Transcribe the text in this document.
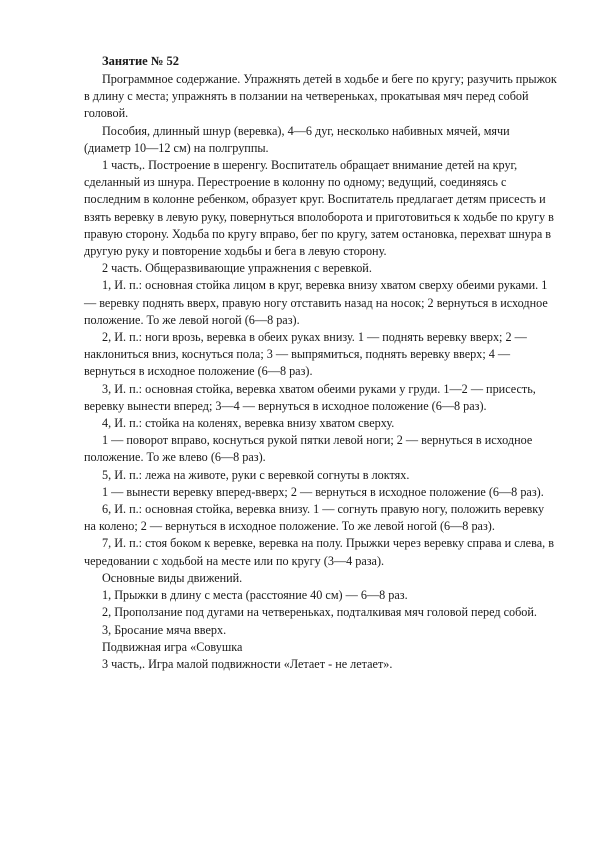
Занятие № 52

Программное содержание. Упражнять детей в ходьбе и беге по кругу; разучить прыжок в длину с места; упражнять в ползании на четвереньках, прокатывая мяч перед собой головой.

Пособия, длинный шнур (веревка), 4—6 дуг, несколько набивных мячей, мячи (диаметр 10—12 см) на полгруппы.

1 часть,. Построение в шеренгу. Воспитатель обращает внимание детей на круг, сделанный из шнура. Перестроение в колонну по одному; ведущий, соединяясь с последним в колонне ребенком, образует круг. Воспитатель предлагает детям присесть и взять веревку в левую руку, повернуться вполоборота и приготовиться к ходьбе по кругу в правую сторону. Ходьба по кругу вправо, бег по кругу, затем остановка, перехват шнура в другую руку и повторение ходьбы и бега в левую сторону.

2 часть. Общеразвивающие упражнения с веревкой.

1, И. п.: основная стойка лицом в круг, веревка внизу хватом сверху обеими руками. 1 — веревку поднять вверх, правую ногу отставить назад на носок; 2 вернуться в исходное положение. То же левой ногой (6—8 раз).

2, И. п.: ноги врозь, веревка в обеих руках внизу. 1 — поднять веревку вверх; 2 — наклониться вниз, коснуться пола; 3 — выпрямиться, поднять веревку вверх; 4 — вернуться в исходное положение (6—8 раз).

3, И. п.: основная стойка, веревка хватом обеими руками у груди. 1—2 — присесть, веревку вынести вперед; 3—4 — вернуться в исходное положение (6—8 раз).

4, И. п.: стойка на коленях, веревка внизу хватом сверху.

1 — поворот вправо, коснуться рукой пятки левой ноги; 2 — вернуться в исходное положение. То же влево (6—8 раз).

5, И. п.: лежа на животе, руки с веревкой согнуты в локтях.

1 — вынести веревку вперед-вверх; 2 — вернуться в исходное положение (6—8 раз).

6, И. п.: основная стойка, веревка внизу. 1 — согнуть правую ногу, положить веревку на колено; 2 — вернуться в исходное положение. То же левой ногой (6—8 раз).

7, И. п.: стоя боком к веревке, веревка на полу. Прыжки через веревку справа и слева, в чередовании с ходьбой на месте или по кругу (3—4 раза).

Основные виды движений.

1, Прыжки в длину с места (расстояние 40 см) — 6—8 раз.

2, Проползание под дугами на четвереньках, подталкивая мяч головой перед собой.

3, Бросание мяча вверх.

Подвижная игра «Совушка

3 часть,. Игра малой подвижности «Летает - не летает».
